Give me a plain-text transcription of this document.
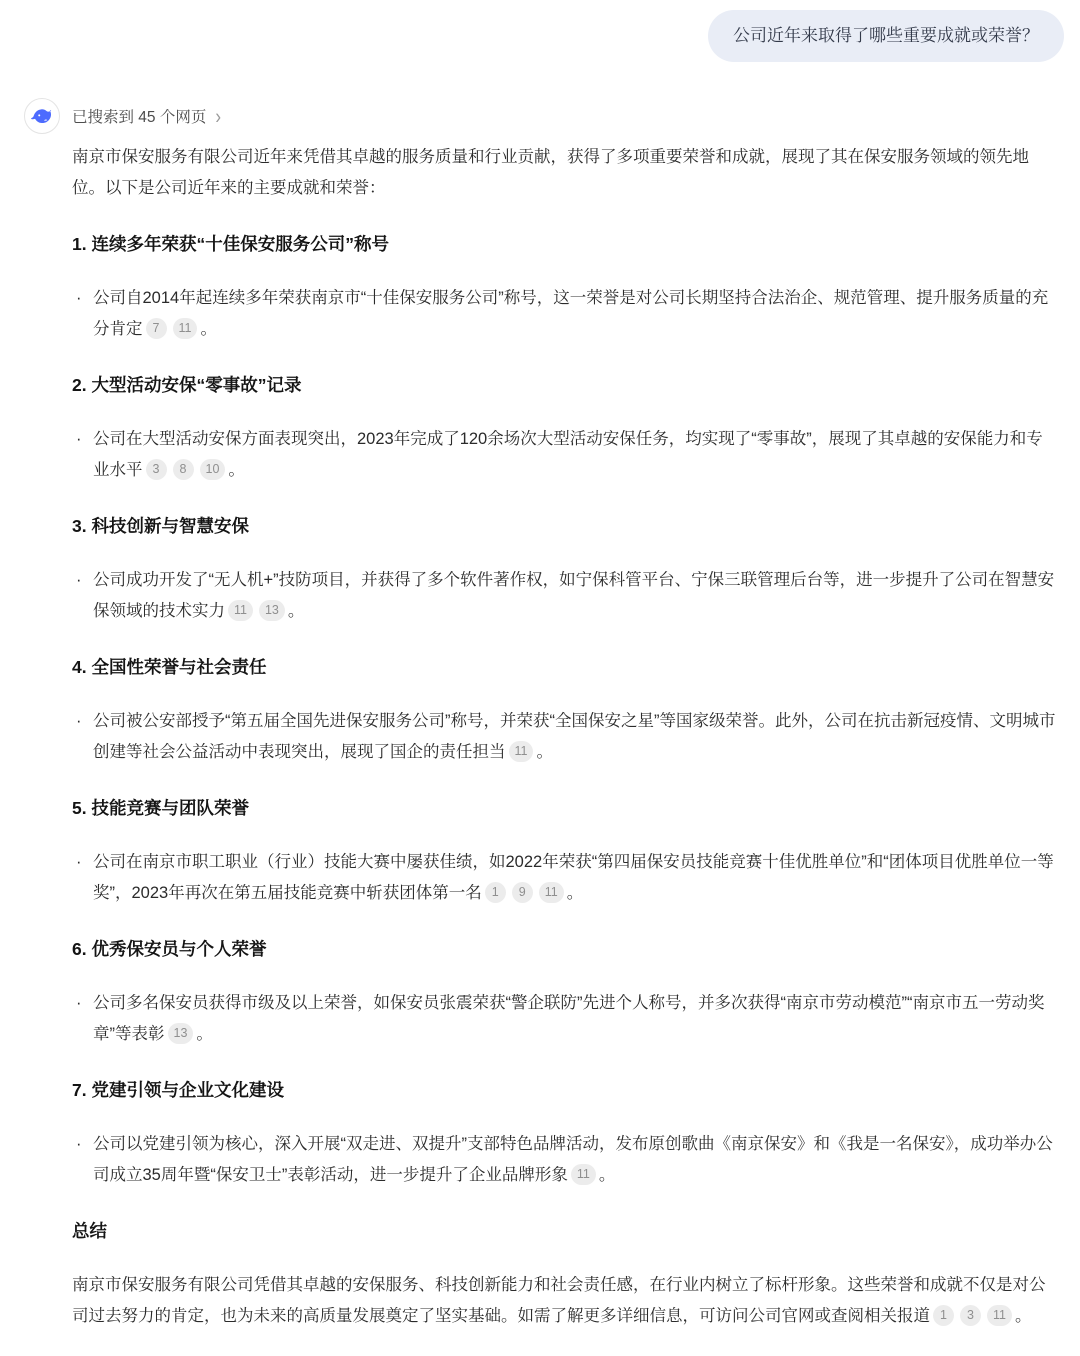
公司近年来取得了哪些重要成就或荣誉？
已搜索到 45 个网页 ›

南京市保安服务有限公司近年来凭借其卓越的服务质量和行业贡献，获得了多项重要荣誉和成就，展现了其在保安服务领域的领先地位。以下是公司近年来的主要成就和荣誉：

1. 连续多年荣获“十佳保安服务公司”称号
· 公司自2014年起连续多年荣获南京市“十佳保安服务公司”称号，这一荣誉是对公司长期坚持合法治企、规范管理、提升服务质量的充分肯定 7 11 。
2. 大型活动安保“零事故”记录
· 公司在大型活动安保方面表现突出，2023年完成了120余场次大型活动安保任务，均实现了“零事故”，展现了其卓越的安保能力和专业水平 3 8 10 。
3. 科技创新与智慧安保
· 公司成功开发了“无人机+”技防项目，并获得了多个软件著作权，如宁保科管平台、宁保三联管理后台等，进一步提升了公司在智慧安保领域的技术实力 11 13 。
4. 全国性荣誉与社会责任
· 公司被公安部授予“第五届全国先进保安服务公司”称号，并荣获“全国保安之星”等国家级荣誉。此外，公司在抗击新冠疫情、文明城市创建等社会公益活动中表现突出，展现了国企的责任担当 11 。
5. 技能竞赛与团队荣誉
· 公司在南京市职工职业（行业）技能大赛中屡获佳绩，如2022年荣获“第四届保安员技能竞赛十佳优胜单位”和“团体项目优胜单位一等奖”，2023年再次在第五届技能竞赛中斩获团体第一名 1 9 11 。
6. 优秀保安员与个人荣誉
· 公司多名保安员获得市级及以上荣誉，如保安员张震荣获“警企联防”先进个人称号，并多次获得“南京市劳动模范”“南京市五一劳动奖章”等表彰 13 。
7. 党建引领与企业文化建设
· 公司以党建引领为核心，深入开展“双走进、双提升”支部特色品牌活动，发布原创歌曲《南京保安》和《我是一名保安》，成功举办公司成立35周年暨“保安卫士”表彰活动，进一步提升了企业品牌形象 11 。
总结

南京市保安服务有限公司凭借其卓越的安保服务、科技创新能力和社会责任感，在行业内树立了标杆形象。这些荣誉和成就不仅是对公司过去努力的肯定，也为未来的高质量发展奠定了坚实基础。如需了解更多详细信息，可访问公司官网或查阅相关报道 1 3 11 。
